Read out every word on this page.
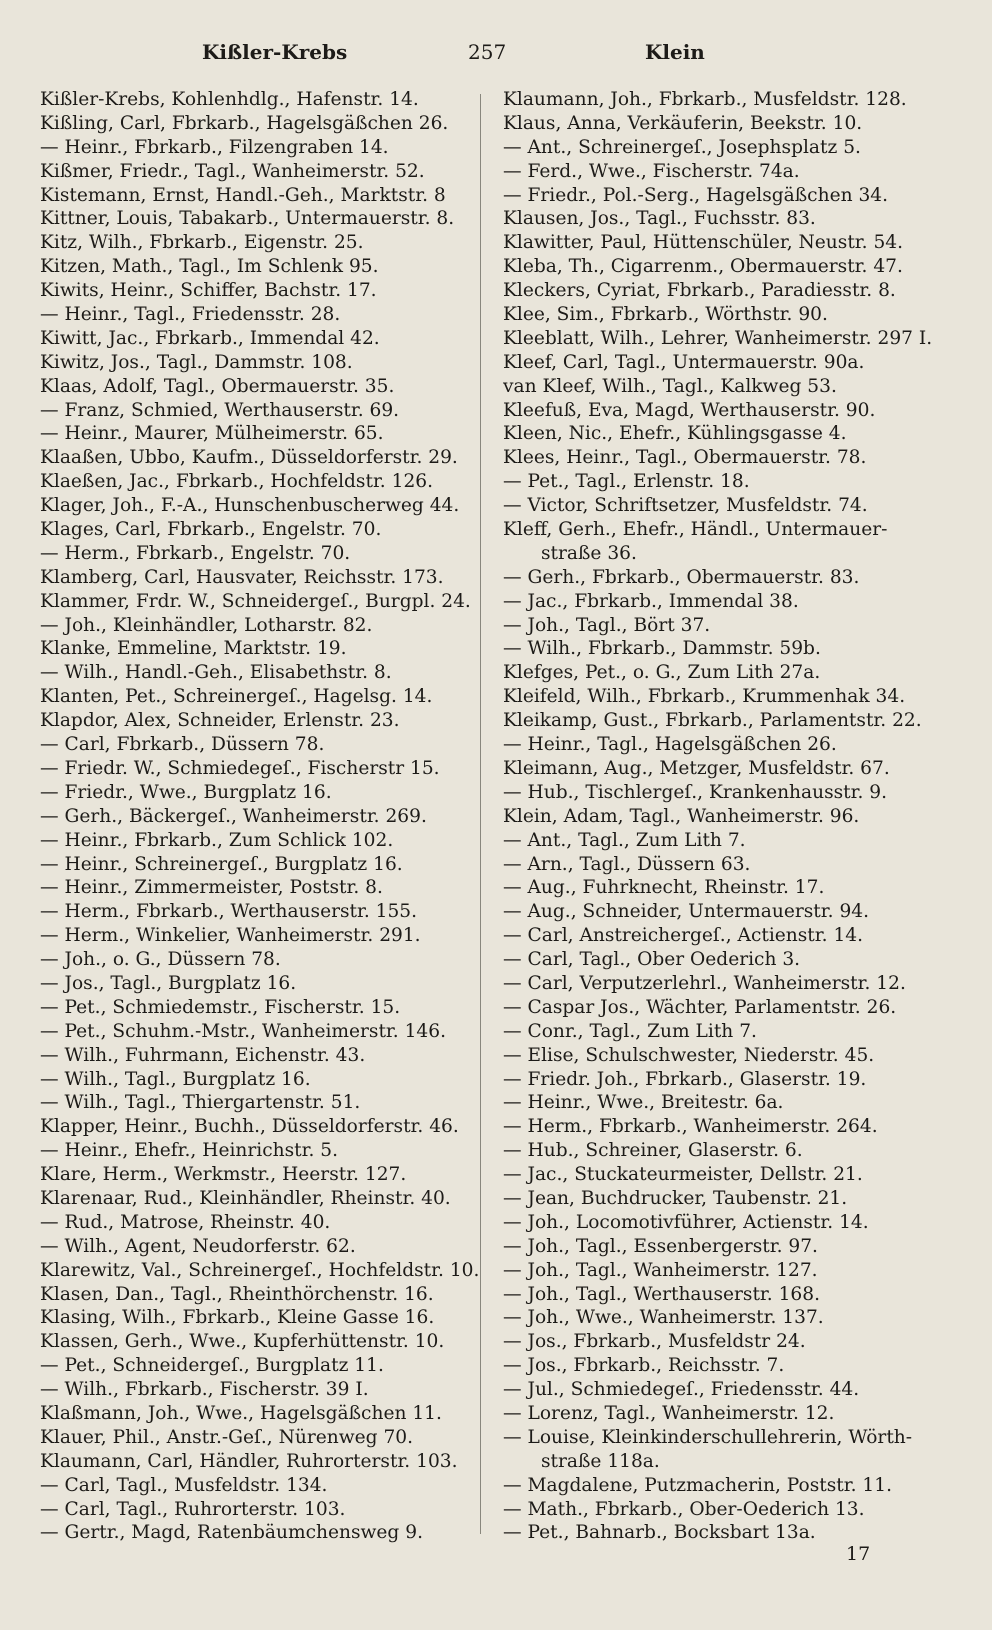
Kißler-Krebs	257	Klein
Kißler-Krebs, Kohlenhdlg., Hafenstr. 14.
Kißling, Carl, Fbrkarb., Hagelsgäßchen 26.
— Heinr., Fbrkarb., Filzengraben 14.
Kißmer, Friedr., Tagl., Wanheimerstr. 52.
Kistemann, Ernst, Handl.-Geh., Marktstr. 8
Kittner, Louis, Tabakarb., Untermauerstr. 8.
Kitz, Wilh., Fbrkarb., Eigenstr. 25.
Kitzen, Math., Tagl., Im Schlenk 95.
Kiwits, Heinr., Schiffer, Bachstr. 17.
— Heinr., Tagl., Friedensstr. 28.
Kiwitt, Jac., Fbrkarb., Immendal 42.
Kiwitz, Jos., Tagl., Dammstr. 108.
Klaas, Adolf, Tagl., Obermauerstr. 35.
— Franz, Schmied, Werthauserstr. 69.
— Heinr., Maurer, Mülheimerstr. 65.
Klaaßen, Ubbo, Kaufm., Düsseldorferstr. 29.
Klaeßen, Jac., Fbrkarb., Hochfeldstr. 126.
Klager, Joh., F.-A., Hunschenbuscherweg 44.
Klages, Carl, Fbrkarb., Engelstr. 70.
— Herm., Fbrkarb., Engelstr. 70.
Klamberg, Carl, Hausvater, Reichsstr. 173.
Klammer, Frdr. W., Schneidergeſ., Burgpl. 24.
— Joh., Kleinhändler, Lotharstr. 82.
Klanke, Emmeline, Marktstr. 19.
— Wilh., Handl.-Geh., Elisabethstr. 8.
Klanten, Pet., Schreinergeſ., Hagelsg. 14.
Klapdor, Alex, Schneider, Erlenstr. 23.
— Carl, Fbrkarb., Düssern 78.
— Friedr. W., Schmiedegeſ., Fischerstr 15.
— Friedr., Wwe., Burgplatz 16.
— Gerh., Bäckergeſ., Wanheimerstr. 269.
— Heinr., Fbrkarb., Zum Schlick 102.
— Heinr., Schreinergeſ., Burgplatz 16.
— Heinr., Zimmermeister, Poststr. 8.
— Herm., Fbrkarb., Werthauserstr. 155.
— Herm., Winkelier, Wanheimerstr. 291.
— Joh., o. G., Düssern 78.
— Jos., Tagl., Burgplatz 16.
— Pet., Schmiedemstr., Fischerstr. 15.
— Pet., Schuhm.-Mstr., Wanheimerstr. 146.
— Wilh., Fuhrmann, Eichenstr. 43.
— Wilh., Tagl., Burgplatz 16.
— Wilh., Tagl., Thiergartenstr. 51.
Klapper, Heinr., Buchh., Düsseldorferstr. 46.
— Heinr., Ehefr., Heinrichstr. 5.
Klare, Herm., Werkmstr., Heerstr. 127.
Klarenaar, Rud., Kleinhändler, Rheinstr. 40.
— Rud., Matrose, Rheinstr. 40.
— Wilh., Agent, Neudorferstr. 62.
Klarewitz, Val., Schreinergeſ., Hochfeldstr. 10.
Klasen, Dan., Tagl., Rheinthörchenstr. 16.
Klasing, Wilh., Fbrkarb., Kleine Gasse 16.
Klassen, Gerh., Wwe., Kupferhüttenstr. 10.
— Pet., Schneidergeſ., Burgplatz 11.
— Wilh., Fbrkarb., Fischerstr. 39 I.
Klaßmann, Joh., Wwe., Hagelsgäßchen 11.
Klauer, Phil., Anstr.-Geſ., Nürenweg 70.
Klaumann, Carl, Händler, Ruhrorterstr. 103.
— Carl, Tagl., Musfeldstr. 134.
— Carl, Tagl., Ruhrorterstr. 103.
— Gertr., Magd, Ratenbäumchensweg 9.
Klaumann, Joh., Fbrkarb., Musfeldstr. 128.
Klaus, Anna, Verkäuferin, Beekstr. 10.
— Ant., Schreinergeſ., Josephsplatz 5.
— Ferd., Wwe., Fischerstr. 74a.
— Friedr., Pol.-Serg., Hagelsgäßchen 34.
Klausen, Jos., Tagl., Fuchsstr. 83.
Klawitter, Paul, Hüttenschüler, Neustr. 54.
Kleba, Th., Cigarrenm., Obermauerstr. 47.
Kleckers, Cyriat, Fbrkarb., Paradiesstr. 8.
Klee, Sim., Fbrkarb., Wörthstr. 90.
Kleeblatt, Wilh., Lehrer, Wanheimerstr. 297 I.
Kleef, Carl, Tagl., Untermauerstr. 90a.
van Kleef, Wilh., Tagl., Kalkweg 53.
Kleefuß, Eva, Magd, Werthauserstr. 90.
Kleen, Nic., Ehefr., Kühlingsgasse 4.
Klees, Heinr., Tagl., Obermauerstr. 78.
— Pet., Tagl., Erlenstr. 18.
— Victor, Schriftsetzer, Musfeldstr. 74.
Kleff, Gerh., Ehefr., Händl., Untermauer-
straße 36.
— Gerh., Fbrkarb., Obermauerstr. 83.
— Jac., Fbrkarb., Immendal 38.
— Joh., Tagl., Bört 37.
— Wilh., Fbrkarb., Dammstr. 59b.
Klefges, Pet., o. G., Zum Lith 27a.
Kleifeld, Wilh., Fbrkarb., Krummenhak 34.
Kleikamp, Gust., Fbrkarb., Parlamentstr. 22.
— Heinr., Tagl., Hagelsgäßchen 26.
Kleimann, Aug., Metzger, Musfeldstr. 67.
— Hub., Tischlergeſ., Krankenhausstr. 9.
Klein, Adam, Tagl., Wanheimerstr. 96.
— Ant., Tagl., Zum Lith 7.
— Arn., Tagl., Düssern 63.
— Aug., Fuhrknecht, Rheinstr. 17.
— Aug., Schneider, Untermauerstr. 94.
— Carl, Anstreichergeſ., Actienstr. 14.
— Carl, Tagl., Ober Oederich 3.
— Carl, Verputzerlehrl., Wanheimerstr. 12.
— Caspar Jos., Wächter, Parlamentstr. 26.
— Conr., Tagl., Zum Lith 7.
— Elise, Schulschwester, Niederstr. 45.
— Friedr. Joh., Fbrkarb., Glaserstr. 19.
— Heinr., Wwe., Breitestr. 6a.
— Herm., Fbrkarb., Wanheimerstr. 264.
— Hub., Schreiner, Glaserstr. 6.
— Jac., Stuckateurmeister, Dellstr. 21.
— Jean, Buchdrucker, Taubenstr. 21.
— Joh., Locomotivführer, Actienstr. 14.
— Joh., Tagl., Essenbergerstr. 97.
— Joh., Tagl., Wanheimerstr. 127.
— Joh., Tagl., Werthauserstr. 168.
— Joh., Wwe., Wanheimerstr. 137.
— Jos., Fbrkarb., Musfeldstr 24.
— Jos., Fbrkarb., Reichsstr. 7.
— Jul., Schmiedegeſ., Friedensstr. 44.
— Lorenz, Tagl., Wanheimerstr. 12.
— Louise, Kleinkinderschullehrerin, Wörth-
straße 118a.
— Magdalene, Putzmacherin, Poststr. 11.
— Math., Fbrkarb., Ober-Oederich 13.
— Pet., Bahnarb., Bocksbart 13a.
17
